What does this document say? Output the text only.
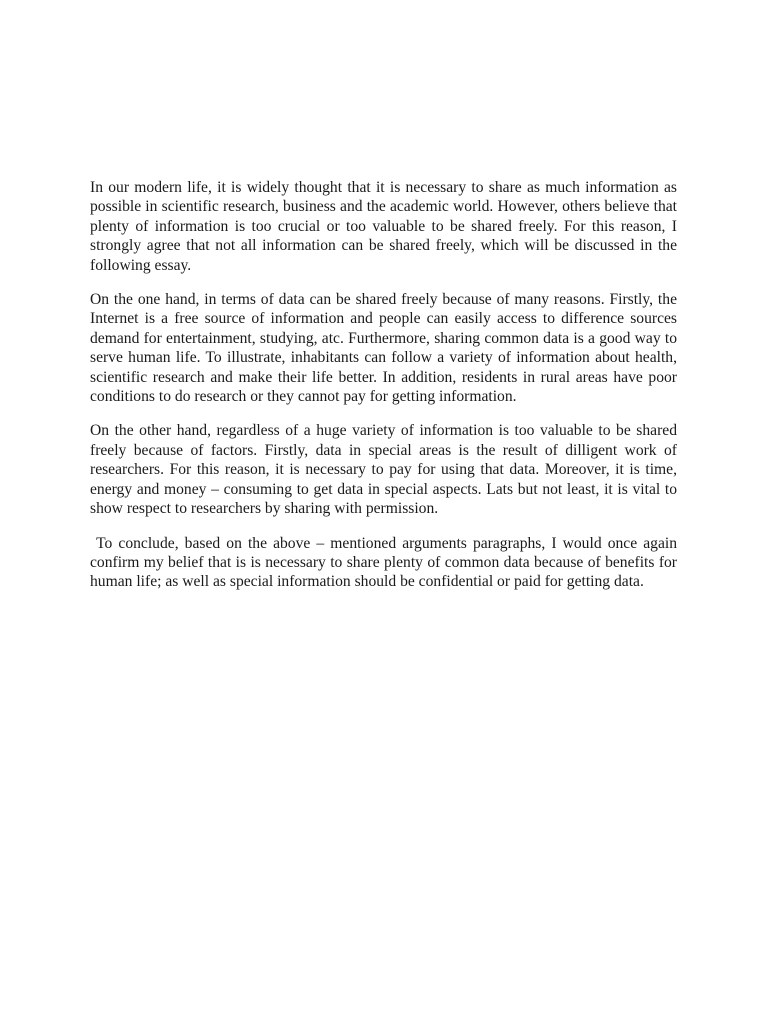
In our modern life, it is widely thought that it is necessary to share as much information as possible in scientific research, business and the academic world. However, others believe that plenty of information is too crucial or too valuable to be shared freely. For this reason, I strongly agree that not all information can be shared freely, which will be discussed in the following essay.

On the one hand, in terms of data can be shared freely because of many reasons. Firstly, the Internet is a free source of information and people can easily access to difference sources demand for entertainment, studying, atc. Furthermore, sharing common data is a good way to serve human life. To illustrate, inhabitants can follow a variety of information about health, scientific research and make their life better. In addition, residents in rural areas have poor conditions to do research or they cannot pay for getting information.

On the other hand, regardless of a huge variety of information is too valuable to be shared freely because of factors. Firstly, data in special areas is the result of dilligent work of researchers. For this reason, it is necessary to pay for using that data. Moreover, it is time, energy and money – consuming to get data in special aspects. Lats but not least, it is vital to show respect to researchers by sharing with permission.

To conclude, based on the above – mentioned arguments paragraphs, I would once again confirm my belief that is is necessary to share plenty of common data because of benefits for human life; as well as special information should be confidential or paid for getting data.
